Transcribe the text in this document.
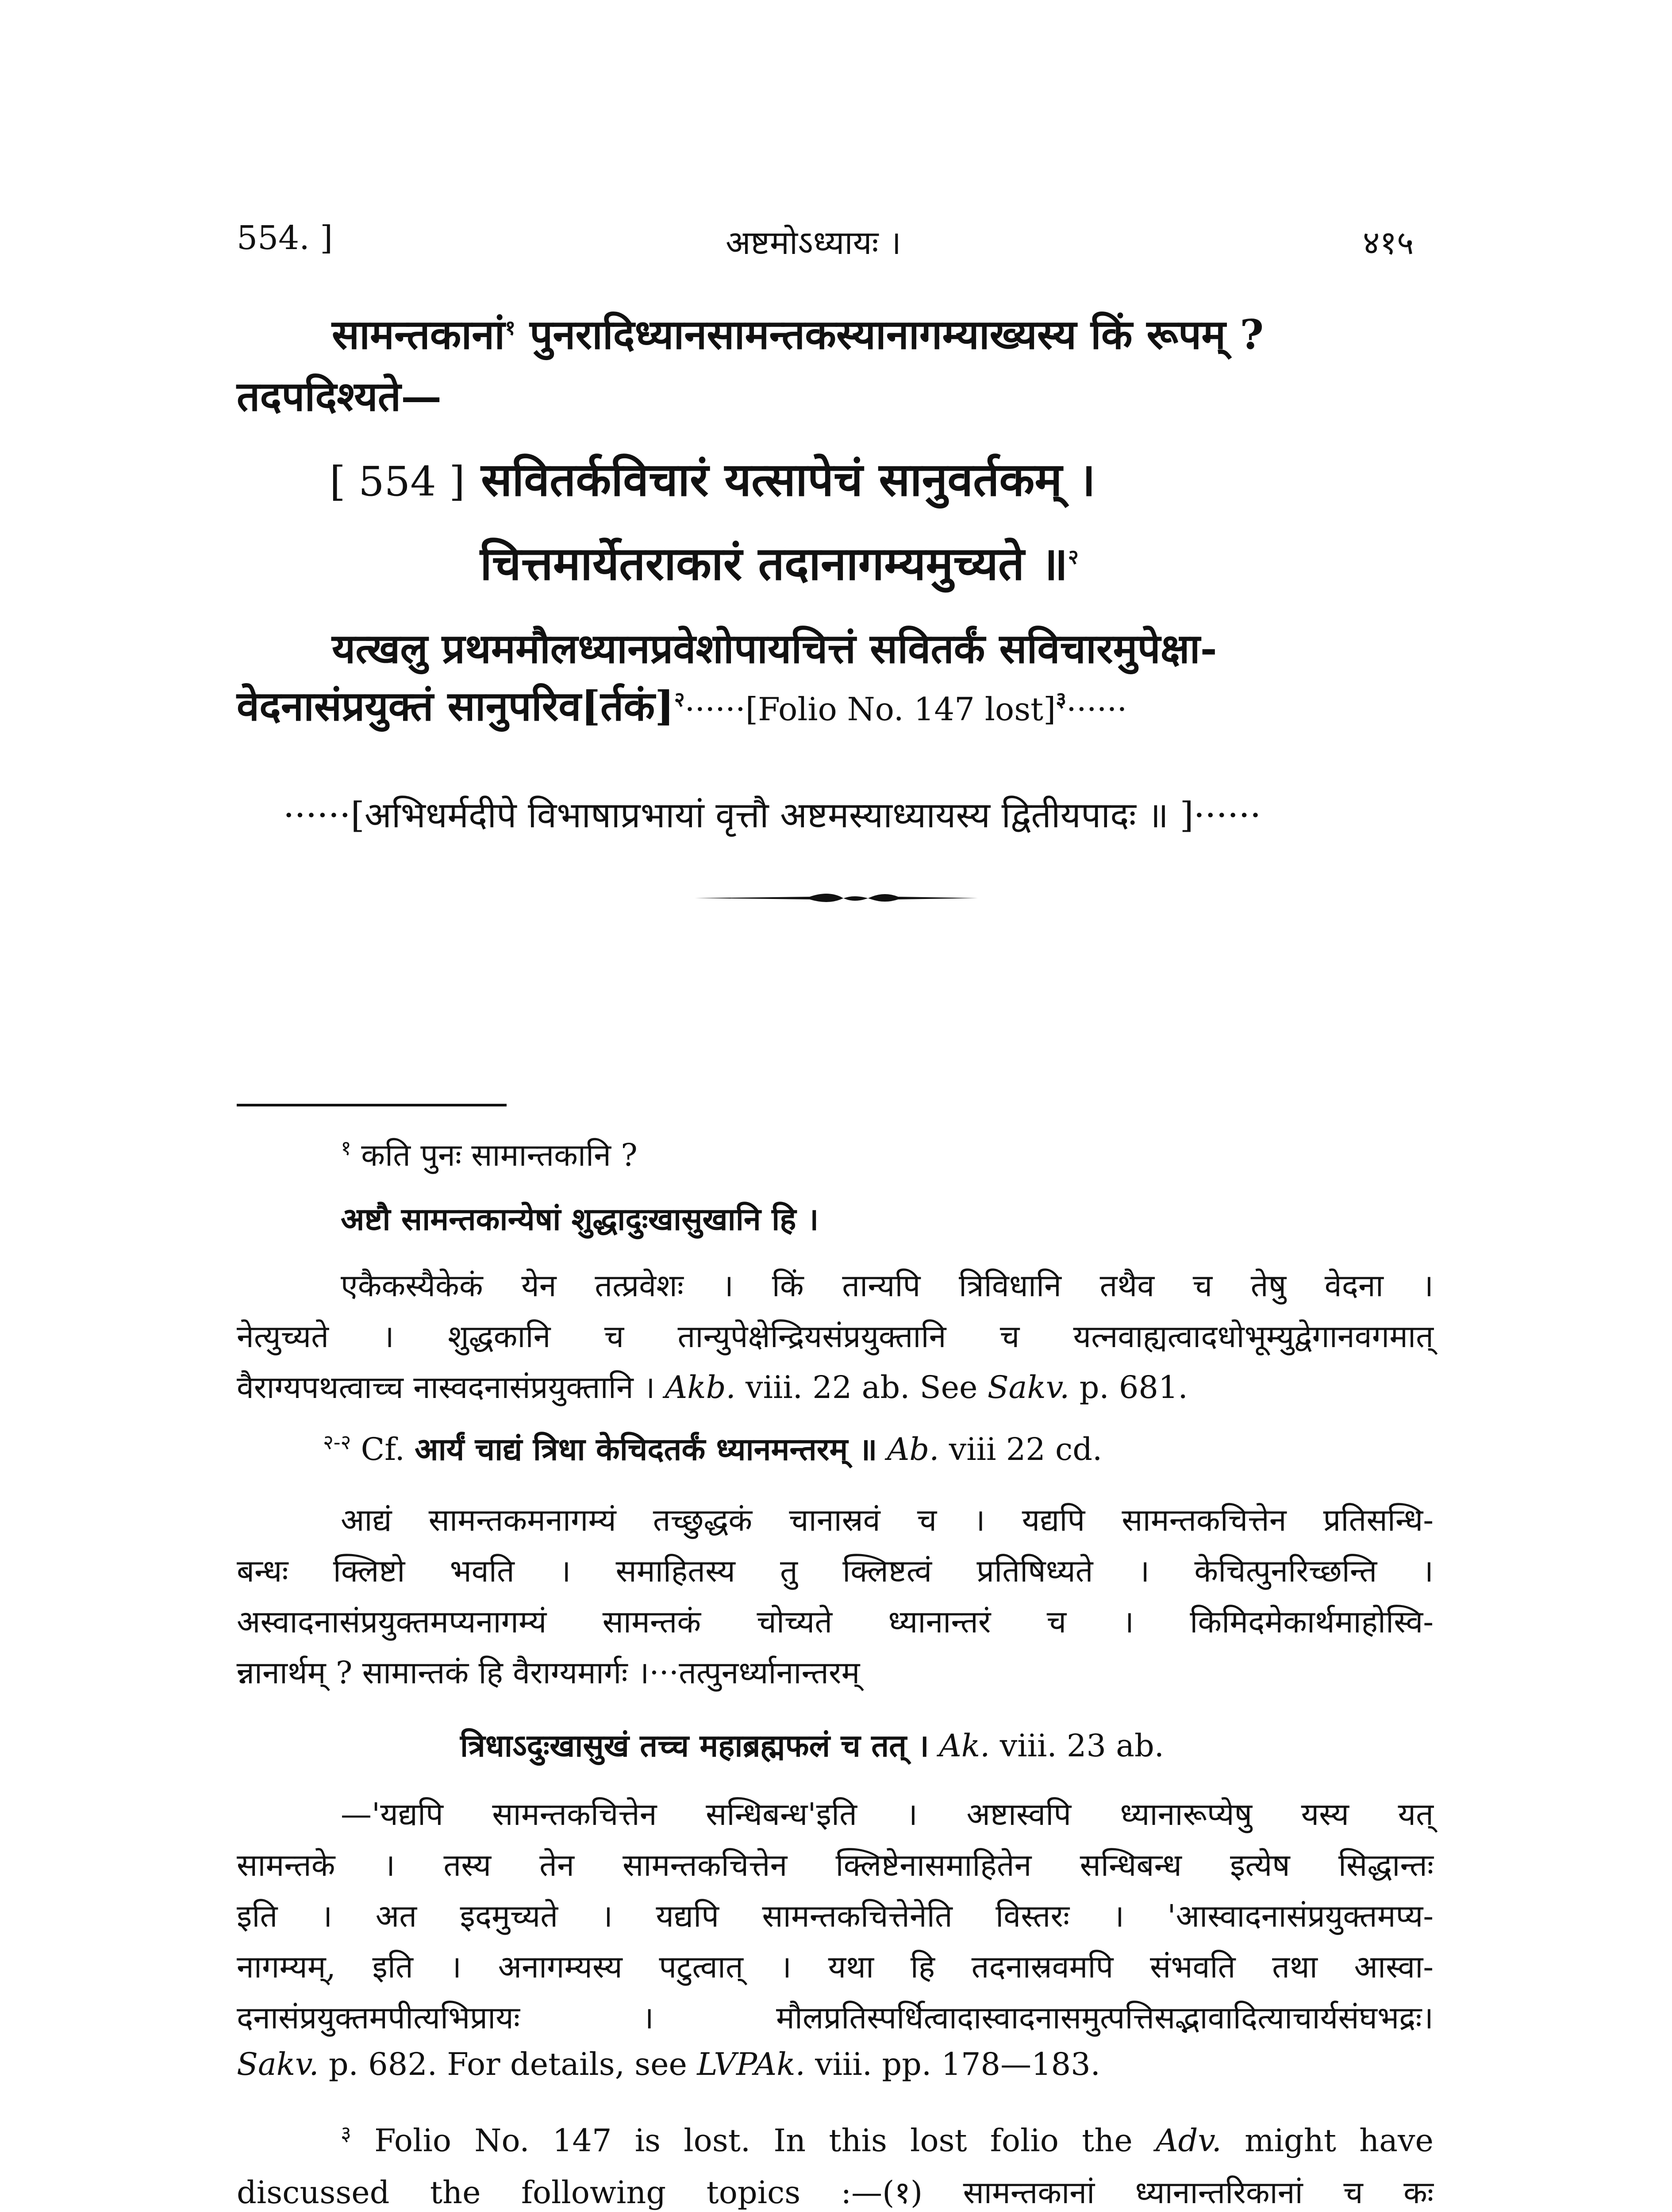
554. ]	अष्टमोऽध्यायः ।	४१५
सामन्तकानां$^१$ पुनरादिध्यानसामन्तकस्यानागम्याख्यस्य किं रूपम् ?
तदपदिश्यते—
[ 554 ] सवितर्कविचारं यत्सापेचं सानुवर्तकम् ।
चित्तमार्येतराकारं तदानागम्यमुच्यते ॥$^२$
यत्खलु प्रथममौलध्यानप्रवेशोपायचित्तं सवितर्कं सविचारमुपेक्षा-
वेदनासंप्रयुक्तं सानुपरिव[र्तकं]$^२$······[Folio No. 147 lost]$^३$······
······[अभिधर्मदीपे विभाषाप्रभायां वृत्तौ अष्टमस्याध्यायस्य द्वितीयपादः ॥ ]······
$^१$ कति पुनः सामान्तकानि ?
अष्टौ सामन्तकान्येषां शुद्धादुःखासुखानि हि ।
एकैकस्यैकेकं येन तत्प्रवेशः । किं तान्यपि त्रिविधानि तथैव च तेषु वेदना ।
नेत्युच्यते । शुद्धकानि च तान्युपेक्षेन्द्रियसंप्रयुक्तानि च यत्नवाह्यत्वादधोभूम्युद्वेगानवगमात्
वैराग्यपथत्वाच्च नास्वदनासंप्रयुक्तानि । Akb. viii. 22 ab. See Sakv. p. 681.
$^{२-२}$ Cf. आर्यं चाद्यं त्रिधा केचिदतर्कं ध्यानमन्तरम् ॥ Ab. viii 22 cd.
आद्यं सामन्तकमनागम्यं तच्छुद्धकं चानास्रवं च । यद्यपि सामन्तकचित्तेन प्रतिसन्धि-
बन्धः क्लिष्टो भवति । समाहितस्य तु क्लिष्टत्वं प्रतिषिध्यते । केचित्पुनरिच्छन्ति ।
अस्वादनासंप्रयुक्तमप्यनागम्यं सामन्तकं चोच्यते ध्यानान्तरं च । किमिदमेकार्थमाहोस्वि-
न्नानार्थम् ? सामान्तकं हि वैराग्यमार्गः ।···तत्पुनर्ध्यानान्तरम्
त्रिधाऽदुःखासुखं तच्च महाब्रह्मफलं च तत् । Ak. viii. 23 ab.
—'यद्यपि सामन्तकचित्तेन सन्धिबन्ध'इति । अष्टास्वपि ध्यानारूप्येषु यस्य यत्
सामन्तके । तस्य तेन सामन्तकचित्तेन क्लिष्टेनासमाहितेन सन्धिबन्ध इत्येष सिद्धान्तः
इति । अत इदमुच्यते । यद्यपि सामन्तकचित्तेनेति विस्तरः । 'आस्वादनासंप्रयुक्तमप्य-
नागम्यम्, इति । अनागम्यस्य पटुत्वात् । यथा हि तदनास्रवमपि संभवति तथा आस्वा-
दनासंप्रयुक्तमपीत्यभिप्रायः । मौलप्रतिस्पर्धित्वादास्वादनासमुत्पत्तिसद्भावादित्याचार्यसंघभद्रः।
Sakv. p. 682. For details, see LVPAk. viii. pp. 178—183.
$^३$ Folio No. 147 is lost. In this lost folio the Adv. might have
discussed the following topics :—(१) सामन्तकानां ध्यानान्तरिकानां च कः
